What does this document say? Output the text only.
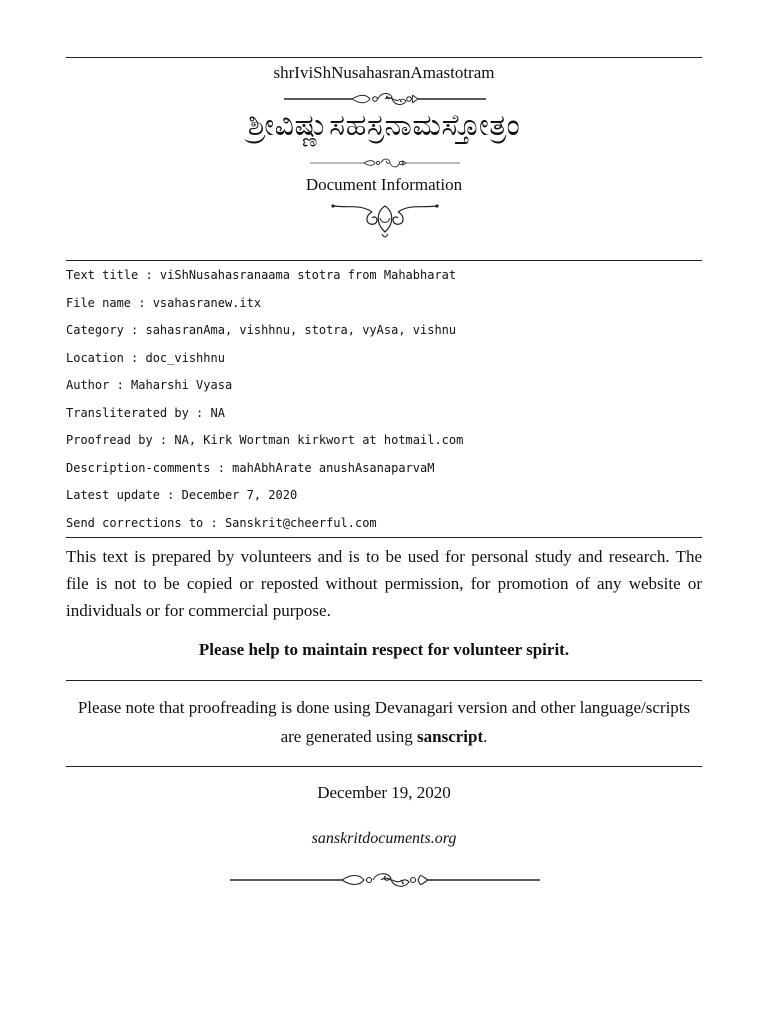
shrIviShNusahasranAmastotram
ಶ್ರೀವಿಷ್ಣುಸಹಸ್ರನಾಮಸ್ತೋತ್ರಂ
Document Information
Text title : viShNusahasranaama stotra from Mahabharat
File name : vsahasranew.itx
Category : sahasranAma, vishhnu, stotra, vyAsa, vishnu
Location : doc_vishhnu
Author : Maharshi Vyasa
Transliterated by : NA
Proofread by : NA, Kirk Wortman kirkwort at hotmail.com
Description-comments : mahAbhArate anushAsanaparvaM
Latest update : December 7, 2020
Send corrections to : Sanskrit@cheerful.com
This text is prepared by volunteers and is to be used for personal study and research. The
file is not to be copied or reposted without permission, for promotion of any website or
individuals or for commercial purpose.
Please help to maintain respect for volunteer spirit.
Please note that proofreading is done using Devanagari version and other language/scripts
are generated using sanscript.
December 19, 2020
sanskritdocuments.org
